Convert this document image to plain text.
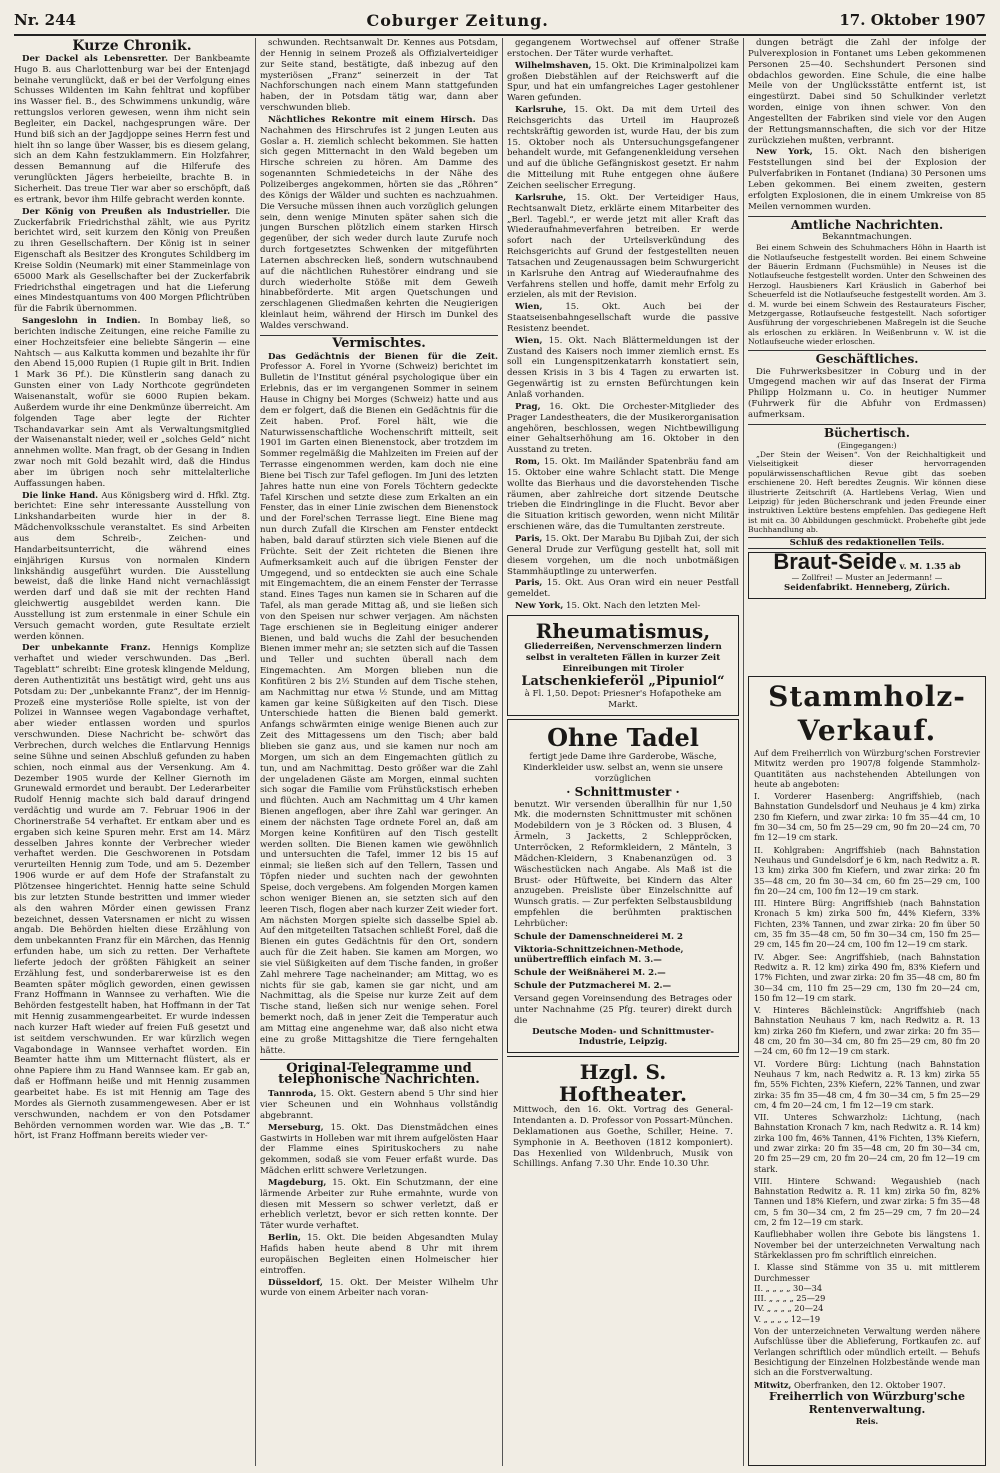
Nr. 244	Coburger Zeitung.	17. Oktober 1907
Kurze Chronik.

Der Dackel als Lebensretter. Der Bankbeamte Hugo B. aus Charlottenburg war bei der Entenjagd beinahe verunglückt, daß er bei der Verfolgung eines Schusses Wildenten im Kahn fehltrat und kopfüber ins Wasser fiel. B., des Schwimmens unkundig, wäre rettungslos verloren gewesen, wenn ihm nicht sein Begleiter, ein Dackel, nachgesprungen wäre. Der Hund biß sich an der Jagdjoppe seines Herrn fest und hielt ihn so lange über Wasser, bis es diesem gelang, sich an dem Kahn festzuklammern. Ein Holzfahrer, dessen Bemannung auf die Hilferufe des verunglückten Jägers herbeieilte, brachte B. in Sicherheit. Das treue Tier war aber so erschöpft, daß es ertrank, bevor ihm Hilfe gebracht werden konnte.

Der König von Preußen als Industrieller. Die Zuckerfabrik Friedrichsthal zählt, wie aus Pyritz berichtet wird, seit kurzem den König von Preußen zu ihren Gesellschaftern. Der König ist in seiner Eigenschaft als Besitzer des Krongutes Schildberg im Kreise Soldin (Neumark) mit einer Stammeinlage von 65000 Mark als Gesellschafter bei der Zuckerfabrik Friedrichsthal eingetragen und hat die Lieferung eines Mindestquantums von 400 Morgen Pflichtrüben für die Fabrik übernommen.

Sangeslohn in Indien. In Bombay ließ, so berichten indische Zeitungen, eine reiche Familie zu einer Hochzeitsfeier eine beliebte Sängerin — eine Nahtsch — aus Kalkutta kommen und bezahlte ihr für den Abend 15,000 Rupien (1 Rupie gilt in Brit. Indien 1 Mark 36 Pf.). Die Künstlerin sang danach zu Gunsten einer von Lady Northcote gegründeten Waisenanstalt, wofür sie 6000 Rupien bekam. Außerdem wurde ihr eine Denkmünze überreicht. Am folgenden Tage aber legte der Richter Tschandavarkar sein Amt als Verwaltungsmitglied der Waisenanstalt nieder, weil er „solches Geld“ nicht annehmen wollte. Man fragt, ob der Gesang in Indien zwar noch mit Gold bezahlt wird, daß die Hindus aber im übrigen noch sehr mittelalterliche Auffassungen haben.

Die linke Hand. Aus Königsberg wird d. Hfkl. Ztg. berichtet: Eine sehr interessante Ausstellung von Linkshandarbeiten wurde hier in der 8. Mädchenvolksschule veranstaltet. Es sind Arbeiten aus dem Schreib-, Zeichen- und Handarbeitsunterricht, die während eines einjährigen Kursus von normalen Kindern linkshändig ausgeführt wurden. Die Ausstellung beweist, daß die linke Hand nicht vernachlässigt werden darf und daß sie mit der rechten Hand gleichwertig ausgebildet werden kann. Die Ausstellung ist zum erstenmale in einer Schule ein Versuch gemacht worden, gute Resultate erzielt werden können.

Der unbekannte Franz. Hennigs Komplize verhaftet und wieder verschwunden. Das „Berl. Tageblatt“ schreibt: Eine grotesk klingende Meldung, deren Authentizität uns bestätigt wird, geht uns aus Potsdam zu: Der „unbekannte Franz“, der im Hennig-Prozeß eine mysteriöse Rolle spielte, ist von der Polizei in Wannsee wegen Vagabondage verhaftet, aber wieder entlassen worden und spurlos verschwunden. Diese Nachricht be- schwört das Verbrechen, durch welches die Entlarvung Hennigs seine Sühne und seinen Abschluß gefunden zu haben schien, noch einmal aus der Versenkung. Am 4. Dezember 1905 wurde der Kellner Giernoth im Grunewald ermordet und beraubt. Der Lederarbeiter Rudolf Hennig machte sich bald darauf dringend verdächtig und wurde am 7. Februar 1906 in der Chorinerstraße 54 verhaftet. Er entkam aber und es ergaben sich keine Spuren mehr. Erst am 14. März desselben Jahres konnte der Verbrecher wieder verhaftet werden. Die Geschworenen in Potsdam verurteilten Hennig zum Tode, und am 5. Dezember 1906 wurde er auf dem Hofe der Strafanstalt zu Plötzensee hingerichtet. Hennig hatte seine Schuld bis zur letzten Stunde bestritten und immer wieder als den wahren Mörder einen gewissen Franz bezeichnet, dessen Vatersnamen er nicht zu wissen angab. Die Behörden hielten diese Erzählung von dem unbekannten Franz für ein Märchen, das Hennig erfunden habe, um sich zu retten. Der Verhaftete lieferte jedoch der größten Fähigkeit an seiner Erzählung fest, und sonderbarerweise ist es den Beamten später möglich geworden, einen gewissen Franz Hoffmann in Wannsee zu verhaften. Wie die Behörden festgestellt haben, hat Hoffmann in der Tat mit Hennig zusammengearbeitet. Er wurde indessen nach kurzer Haft wieder auf freien Fuß gesetzt und ist seitdem verschwunden. Er war kürzlich wegen Vagabondage in Wannsee verhaftet worden. Ein Beamter hatte ihm um Mitternacht flüstert, als er ohne Papiere ihm zu Hand Wannsee kam. Er gab an, daß er Hoffmann heiße und mit Hennig zusammen gearbeitet habe. Es ist mit Hennig am Tage des Mordes als Giernoth zusammengewesen. Aber er ist verschwunden, nachdem er von den Potsdamer Behörden vernommen worden war. Wie das „B. T.“ hört, ist Franz Hoffmann bereits wieder ver-

schwunden. Rechtsanwalt Dr. Kennes aus Potsdam, der Hennig in seinem Prozeß als Offizialverteidiger zur Seite stand, bestätigte, daß inbezug auf den mysteriösen „Franz“ seinerzeit in der Tat Nachforschungen nach einem Mann stattgefunden haben, der in Potsdam tätig war, dann aber verschwunden blieb.

Nächtliches Rekontre mit einem Hirsch. Das Nachahmen des Hirschrufes ist 2 jungen Leuten aus Goslar a. H. ziemlich schlecht bekommen. Sie hatten sich gegen Mitternacht in den Wald begeben um Hirsche schreien zu hören. Am Damme des sogenannten Schmiedeteichs in der Nähe des Polizeiberges angekommen, hörten sie das „Röhren“ des Königs der Wälder und suchten es nachzuahmen. Die Versuche müssen ihnen auch vorzüglich gelungen sein, denn wenige Minuten später sahen sich die jungen Burschen plötzlich einem starken Hirsch gegenüber, der sich weder durch laute Zurufe noch durch fortgesetztes Schwenken der mitgeführten Laternen abschrecken ließ, sondern wutschnaubend auf die nächtlichen Ruhestörer eindrang und sie durch wiederholte Stöße mit dem Geweih hinabbeförderte. Mit argen Quetschungen und zerschlagenen Gliedmaßen kehrten die Neugierigen kleinlaut heim, während der Hirsch im Dunkel des Waldes verschwand.

Vermischtes.

Das Gedächtnis der Bienen für die Zeit. Professor A. Forel in Yvorne (Schweiz) berichtet im Bulletin de l'Institut général psychologique über ein Erlebnis, das er im vergangenen Sommer in seinem Hause in Chigny bei Morges (Schweiz) hatte und aus dem er folgert, daß die Bienen ein Gedächtnis für die Zeit haben. Prof. Forel hält, wie die Naturwissenschaftliche Wochenschrift mitteilt, seit 1901 im Garten einen Bienenstock, aber trotzdem im Sommer regelmäßig die Mahlzeiten im Freien auf der Terrasse eingenommen werden, kam doch nie eine Biene bei Tisch zur Tafel geflogen. Im Juni des letzten Jahres hatte nun eine von Forels Töchtern gedeckte Tafel Kirschen und setzte diese zum Erkalten an ein Fenster, das in einer Linie zwischen dem Bienenstock und der Forel'schen Terrasse liegt. Eine Biene mag nun durch Zufall die Kirschen am Fenster entdeckt haben, bald darauf stürzten sich viele Bienen auf die Früchte. Seit der Zeit richteten die Bienen ihre Aufmerksamkeit auch auf die übrigen Fenster der Umgegend, und so entdeckten sie auch eine Schale mit Eingemachtem, die an einem Fenster der Terrasse stand. Eines Tages nun kamen sie in Scharen auf die Tafel, als man gerade Mittag aß, und sie ließen sich von den Speisen nur schwer verjagen. Am nächsten Tage erschienen sie in Begleitung einiger anderer Bienen, und bald wuchs die Zahl der besuchenden Bienen immer mehr an; sie setzten sich auf die Tassen und Teller und suchten überall nach dem Eingemachten. Am Morgen blieben nun die Konfitüren 2 bis 2½ Stunden auf dem Tische stehen, am Nachmittag nur etwa ½ Stunde, und am Mittag kamen gar keine Süßigkeiten auf den Tisch. Diese Unterschiede hatten die Bienen bald gemerkt. Anfangs schwärmten einige wenige Bienen auch zur Zeit des Mittagessens um den Tisch; aber bald blieben sie ganz aus, und sie kamen nur noch am Morgen, um sich an dem Eingemachten gütlich zu tun, und am Nachmittag. Desto größer war die Zahl der ungeladenen Gäste am Morgen, einmal suchten sich sogar die Familie vom Frühstückstisch erheben und flüchten. Auch am Nachmittag um 4 Uhr kamen Bienen angeflogen, aber ihre Zahl war geringer. An einem der nächsten Tage ordnete Forel an, daß am Morgen keine Konfitüren auf den Tisch gestellt werden sollten. Die Bienen kamen wie gewöhnlich und untersuchten die Tafel, immer 12 bis 15 auf einmal; sie ließen sich auf den Tellern, Tassen und Töpfen nieder und suchten nach der gewohnten Speise, doch vergebens. Am folgenden Morgen kamen schon weniger Bienen an, sie setzten sich auf den leeren Tisch, flogen aber nach kurzer Zeit wieder fort. Am nächsten Morgen spielte sich dasselbe Spiel ab. Auf den mitgeteilten Tatsachen schließt Forel, daß die Bienen ein gutes Gedächtnis für den Ort, sondern auch für die Zeit haben. Sie kamen am Morgen, wo sie viel Süßigkeiten auf dem Tische fanden, in großer Zahl mehrere Tage nacheinander; am Mittag, wo es nichts für sie gab, kamen sie gar nicht, und am Nachmittag, als die Speise nur kurze Zeit auf dem Tische stand, ließen sich nur wenige sehen. Forel bemerkt noch, daß in jener Zeit die Temperatur auch am Mittag eine angenehme war, daß also nicht etwa eine zu große Mittagshitze die Tiere ferngehalten hätte.

Original-Telegramme und telephonische Nachrichten.

Tannroda, 15. Okt. Gestern abend 5 Uhr sind hier vier Scheunen und ein Wohnhaus vollständig abgebrannt.

Merseburg, 15. Okt. Das Dienstmädchen eines Gastwirts in Holleben war mit ihrem aufgelösten Haar der Flamme eines Spirituskochers zu nahe gekommen, sodaß sie vom Feuer erfaßt wurde. Das Mädchen erlitt schwere Verletzungen.

Magdeburg, 15. Okt. Ein Schutzmann, der eine lärmende Arbeiter zur Ruhe ermahnte, wurde von diesen mit Messern so schwer verletzt, daß er erheblich verletzt, bevor er sich retten konnte. Der Täter wurde verhaftet.

Berlin, 15. Okt. Die beiden Abgesandten Mulay Hafids haben heute abend 8 Uhr mit ihrem europäischen Begleiten einen Holmeischer hier eintroffen.

Düsseldorf, 15. Okt. Der Meister Wilhelm Uhr wurde von einem Arbeiter nach voran-

gegangenem Wortwechsel auf offener Straße erstochen. Der Täter wurde verhaftet.

Wilhelmshaven, 15. Okt. Die Kriminalpolizei kam großen Diebstählen auf der Reichswerft auf die Spur, und hat ein umfangreiches Lager gestohlener Waren gefunden.

Karlsruhe, 15. Okt. Da mit dem Urteil des Reichsgerichts das Urteil im Hauprozeß rechtskräftig geworden ist, wurde Hau, der bis zum 15. Oktober noch als Untersuchungsgefangener behandelt wurde, mit Gefangenenkleidung versehen und auf die übliche Gefängniskost gesetzt. Er nahm die Mitteilung mit Ruhe entgegen ohne äußere Zeichen seelischer Erregung.

Karlsruhe, 15. Okt. Der Verteidiger Haus, Rechtsanwalt Dietz, erklärte einem Mitarbeiter des „Berl. Tagebl.“, er werde jetzt mit aller Kraft das Wiederaufnahmeverfahren betreiben. Er werde sofort nach der Urteilsverkündung des Reichsgerichts auf Grund der festgestellten neuen Tatsachen und Zeugenaussagen beim Schwurgericht in Karlsruhe den Antrag auf Wiederaufnahme des Verfahrens stellen und hoffe, damit mehr Erfolg zu erzielen, als mit der Revision.

Wien,	15. Okt. Auch bei der Staatseisenbahngesellschaft wurde die passive Resistenz beendet.

Wien, 15. Okt. Nach Blättermeldungen ist der Zustand des Kaisers noch immer ziemlich ernst. Es soll ein Lungenspitzenkatarrh konstatiert sein, dessen Krisis in 3 bis 4 Tagen zu erwarten ist. Gegenwärtig ist zu ernsten Befürchtungen kein Anlaß vorhanden.

Prag, 16. Okt. Die Orchester-Mitglieder des Prager Landestheaters, die der Musikerorganisation angehören, beschlossen, wegen Nichtbewilligung einer Gehaltserhöhung am 16. Oktober in den Ausstand zu treten.

Rom, 15. Okt. Im Mailänder Spatenbräu fand am 15. Oktober eine wahre Schlacht statt. Die Menge wollte das Bierhaus und die davorstehenden Tische räumen, aber zahlreiche dort sitzende Deutsche trieben die Eindringlinge in die Flucht. Bevor aber die Situation kritisch geworden, wenn nicht Militär erschienen wäre, das die Tumultanten zerstreute.

Paris, 15. Okt. Der Marabu Bu Djibah Zui, der sich General Drude zur Verfügung gestellt hat, soll mit diesem vorgehen, um die noch unbotmäßigen Stammhäuptlinge zu unterwerfen.

Paris, 15. Okt. Aus Oran wird ein neuer Pestfall gemeldet.

New York, 15. Okt. Nach den letzten Mel-

Rheumatismus,
Gliederreißen, Nervenschmerzen lindern selbst in veralteten Fällen in kurzer Zeit Einreibungen mit Tiroler
Latschenkieferöl „Pipuniol“
à Fl. 1,50. Depot: Priesner's Hofapotheke am Markt.
Ohne Tadel
fertigt jede Dame ihre Garderobe, Wäsche, Kinderkleider usw. selbst an, wenn sie unsere vorzüglichen
· Schnittmuster ·
benutzt. Wir versenden überallhin für nur 1,50 Mk. die modernsten Schnittmuster mit schönen Modebildern von je 3 Röcken od. 3 Blusen, 4 Ärmeln, 3 Jacketts, 2 Schleppröcken, Unterröcken, 2 Reformkleidern, 2 Mänteln, 3 Mädchen-Kleidern, 3 Knabenanzügen od. 3 Wäschestücken nach Angabe. Als Maß ist die Brust- oder Hüftweite, bei Kindern das Alter anzugeben. Preisliste über Einzelschnitte auf Wunsch gratis. — Zur perfekten Selbstausbildung empfehlen die berühmten praktischen Lehrbücher:
Schule der Damenschneiderei M. 2
Viktoria-Schnittzeichnen-Methode, unübertrefflich einfach M. 3.—
Schule der Weißnäherei M. 2.—
Schule der Putzmacherei M. 2.—
Versand gegen Voreinsendung des Betrages oder unter Nachnahme (25 Pfg. teurer) direkt durch die
Deutsche Moden- und Schnittmuster-Industrie, Leipzig.
Hzgl. S. Hoftheater.
Mittwoch, den 16. Okt. Vortrag des General-Intendanten a. D. Professor von Possart-München. Deklamationen aus Goethe, Schiller, Heine. 7. Symphonie in A. Beethoven (1812 komponiert). Das Hexenlied von Wildenbruch, Musik von Schillings. Anfang 7.30 Uhr. Ende 10.30 Uhr.

dungen beträgt die Zahl der infolge der Pulverexplosion in Fontanet ums Leben gekommenen Personen 25—40. Sechshundert Personen sind obdachlos geworden. Eine Schule, die eine halbe Meile von der Unglücksstätte entfernt ist, ist eingestürzt. Dabei sind 50 Schulkinder verletzt worden, einige von ihnen schwer. Von den Angestellten der Fabriken sind viele vor den Augen der Rettungsmannschaften, die sich vor der Hitze zurückziehen mußten, verbrannt.

New York, 15. Okt. Nach den bisherigen Feststellungen sind bei der Explosion der Pulverfabriken in Fontanet (Indiana) 30 Personen ums Leben gekommen. Bei einem zweiten, gestern erfolgten Explosionen, die in einem Umkreise von 85 Meilen vernommen wurden.

Amtliche Nachrichten.
Bekanntmachungen.

Bei einem Schwein des Schuhmachers Höhn in Haarth ist die Notlaufseuche festgestellt worden. Bei einem Schweine der Bäuerin Erdmann (Fuchsmühle) in Neuses ist die Notlaufseuche festgestellt worden. Unter den Schweinen des Herzogl. Hausbieners Karl Kräuslich in Gaberhof bei Scheuerfeld ist die Notlaufseuche festgestellt worden. Am 3. d. M. wurde bei einem Schwein des Restaurateurs Fischer, Metzgergasse, Rotlaufseuche festgestellt. Nach sofortiger Ausführung der vorgeschriebenen Maßregeln ist die Seuche als erloschen zu erklären. In Weißenbrunn v. W. ist die Notlaufseuche wieder erloschen.

Geschäftliches.

Die Fuhrwerksbesitzer in Coburg und in der Umgegend machen wir auf das Inserat der Firma Philipp Holzmann u. Co. in heutiger Nummer (Fuhrwerk für die Abfuhr von Erdmassen) aufmerksam.

Büchertisch.
(Eingegangen:)

„Der Stein der Weisen“. Von der Reichhaltigkeit und Vielseitigkeit dieser hervorragenden populärwissenschaftlichen Revue gibt das soeben erschienene 20. Heft beredtes Zeugnis. Wir können diese illustrierte Zeitschrift (A. Hartlebens Verlag, Wien und Leipzig) für jeden Bücherschrank und jeden Freunde einer instruktiven Lektüre bestens empfehlen. Das gediegene Heft ist mit ca. 30 Abbildungen geschmückt. Probehefte gibt jede Buchhandlung ab.

Schluß des redaktionellen Teils.
Braut-Seide v. M. 1.35 ab
— Zollfrei! — Muster an Jedermann! —
Seidenfabrikt. Henneberg, Zürich.
Stammholz-Verkauf.

Auf dem Freiherrlich von Würzburg'schen Forstrevier Mitwitz werden pro 1907/8 folgende Stammholz-Quantitäten aus nachstehenden Abteilungen von heute ab angeboten:

I. Vorderer Hasenberg: Angriffshieb, (nach Bahnstation Gundelsdorf und Neuhaus je 4 km) zirka 230 fm Kiefern, und zwar zirka: 10 fm 35—44 cm, 10 fm 30—34 cm, 50 fm 25—29 cm, 90 fm 20—24 cm, 70 fm 12—19 cm stark.

II. Kohlgraben: Angriffshieb (nach Bahnstation Neuhaus und Gundelsdorf je 6 km, nach Redwitz a. R. 13 km) zirka 300 fm Kiefern, und zwar zirka: 20 fm 35—48 cm, 20 fm 30—34 cm, 60 fm 25—29 cm, 100 fm 20—24 cm, 100 fm 12—19 cm stark.

III. Hintere Bürg: Angriffshieb (nach Bahnstation Kronach 5 km) zirka 500 fm, 44% Kiefern, 33% Fichten, 23% Tannen, und zwar zirka: 20 fm über 50 cm, 35 fm 35—48 cm, 50 fm 30—34 cm, 150 fm 25—29 cm, 145 fm 20—24 cm, 100 fm 12—19 cm stark.

IV. Abger. See: Angriffshieb, (nach Bahnstation Redwitz a. R. 12 km) zirka 490 fm, 83% Kiefern und 17% Fichten, und zwar zirka: 20 fm 35—48 cm, 80 fm 30—34 cm, 110 fm 25—29 cm, 130 fm 20—24 cm, 150 fm 12—19 cm stark.

V. Hinteres Bächleinstück: Angriffshieb (nach Bahnstation Neuhaus 7 km, nach Redwitz a. R. 13 km) zirka 260 fm Kiefern, und zwar zirka: 20 fm 35—48 cm, 20 fm 30—34 cm, 80 fm 25—29 cm, 80 fm 20—24 cm, 60 fm 12—19 cm stark.

VI. Vordere Bürg: Lichtung (nach Bahnstation Neuhaus 7 km, nach Redwitz a. R. 13 km) zirka 55 fm, 55% Fichten, 23% Kiefern, 22% Tannen, und zwar zirka: 35 fm 35—48 cm, 4 fm 30—34 cm, 5 fm 25—29 cm, 4 fm 20—24 cm, 1 fm 12—19 cm stark.

VII. Unteres Schwarzholz: Lichtung, (nach Bahnstation Kronach 7 km, nach Redwitz a. R. 14 km) zirka 100 fm, 46% Tannen, 41% Fichten, 13% Kiefern, und zwar zirka: 20 fm 35—48 cm, 20 fm 30—34 cm, 20 fm 25—29 cm, 20 fm 20—24 cm, 20 fm 12—19 cm stark.

VIII. Hintere Schwand: Wegaushieb (nach Bahnstation Redwitz a. R. 11 km) zirka 50 fm, 82% Tannen und 18% Kiefern, und zwar zirka: 5 fm 35—48 cm, 5 fm 30—34 cm, 2 fm 25—29 cm, 7 fm 20—24 cm, 2 fm 12—19 cm stark.

Kaufliebhaber wollen ihre Gebote bis längstens 1. November bei der unterzeichneten Verwaltung nach Stärkeklassen pro fm schriftlich einreichen.

I. Klasse sind Stämme von 35 u. mit mittlerem Durchmesser
II. „ „ „ „ 30—34
III. „ „ „ „ 25—29
IV. „ „ „ „ 20—24
V. „ „ „ „ 12—19

Von der unterzeichneten Verwaltung werden nähere Aufschlüsse über die Ablieferung, Fortkaufen zc. auf Verlangen schriftlich oder mündlich erteilt. — Behufs Besichtigung der Einzelnen Holzbestände wende man sich an die Forstverwaltung.

Mitwitz, Oberfranken, den 12. Oktober 1907.
Freiherrlich von Würzburg'sche Rentenverwaltung.
Reis.
